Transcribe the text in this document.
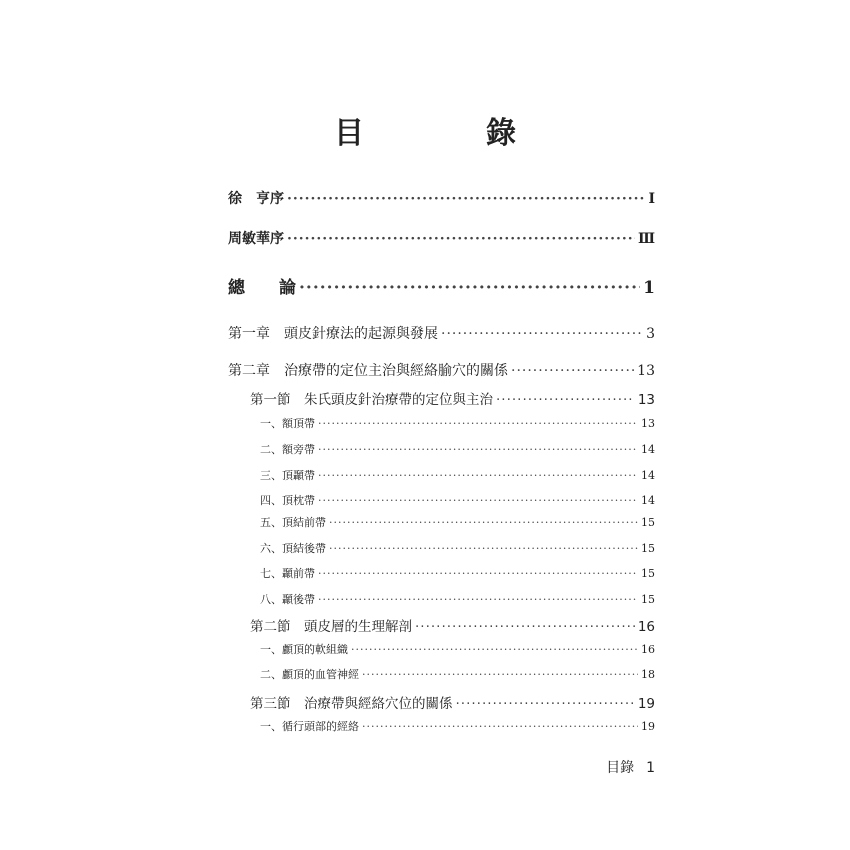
目　錄
徐　亨序 ·····	Ⅰ
周敏華序 ·····	Ⅲ
總　　論 ·····	1
第一章　頭皮針療法的起源與發展 ·····	3
第二章　治療帶的定位主治與經絡腧穴的關係 ·····	13
第一節　朱氏頭皮針治療帶的定位與主治 ·····	13
一、額頂帶 ·····	13
二、額旁帶 ·····	14
三、頂顳帶 ·····	14
四、頂枕帶 ·····	14
五、頂結前帶 ·····	15
六、頂結後帶 ·····	15
七、顳前帶 ·····	15
八、顳後帶 ·····	15
第二節　頭皮層的生理解剖 ·····	16
一、顱頂的軟組織 ·····	16
二、顱頂的血管神經 ·····	18
第三節　治療帶與經絡穴位的關係 ·····	19
一、循行頭部的經絡 ·····	19
目錄 1
